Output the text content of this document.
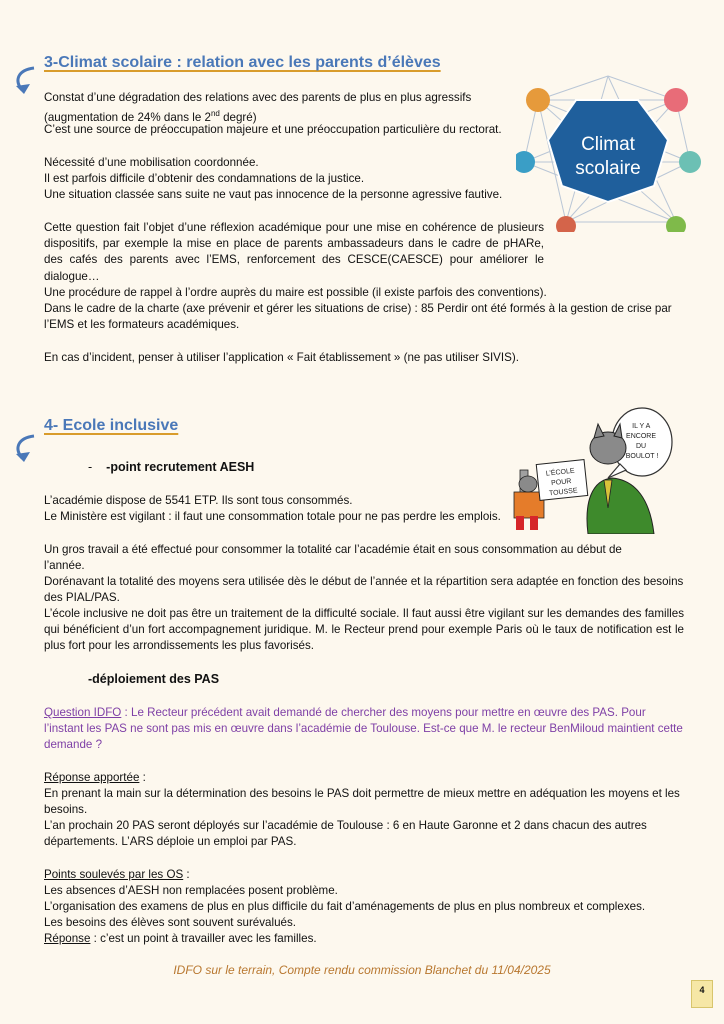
3-Climat scolaire : relation avec les parents d’élèves
Climat
scolaire

Constat d’une dégradation des relations avec des parents de plus en plus agressifs (augmentation de 24% dans le 2nd degré)

C’est une source de préoccupation majeure et une préoccupation particulière du rectorat.

Nécessité d’une mobilisation coordonnée.

Il est parfois difficile d’obtenir des condamnations de la justice.

Une situation classée sans suite ne vaut pas innocence de la personne agressive fautive.

Cette question fait l’objet d’une réflexion académique pour une mise en cohérence de plusieurs dispositifs, par exemple la mise en place de parents ambassadeurs dans le cadre de pHARe, des cafés des parents avec l’EMS, renforcement des CESCE(CAESCE) pour améliorer le dialogue…

Une procédure de rappel à l’ordre auprès du maire est possible (il existe parfois des conventions).

Dans le cadre de la charte (axe prévenir et gérer les situations de crise) : 85 Perdir ont été formés à la gestion de crise par l’EMS et les formateurs académiques.

En cas d’incident, penser à utiliser l’application « Fait établissement » (ne pas utiliser SIVIS).

4- Ecole inclusive
- -point recrutement AESH
IL Y A ENCORE DU BOULOT !
L’ÉCOLE POUR TOUSSE

L’académie dispose de 5541 ETP. Ils sont tous consommés.

Le Ministère est vigilant : il faut une consommation totale pour ne pas perdre les emplois.

Un gros travail a été effectué pour consommer la totalité car l’académie était en sous consommation au début de l’année.

Dorénavant la totalité des moyens sera utilisée dès le début de l’année et la répartition sera adaptée en fonction des besoins des PIAL/PAS.

L’école inclusive ne doit pas être un traitement de la difficulté sociale. Il faut aussi être vigilant sur les demandes des familles qui bénéficient d’un fort accompagnement juridique. M. le Recteur prend pour exemple Paris où le taux de notification est le plus fort pour les arrondissements les plus favorisés.

-déploiement des PAS

Question IDFO : Le Recteur précédent avait demandé de chercher des moyens pour mettre en œuvre des PAS. Pour l’instant les PAS ne sont pas mis en œuvre dans l’académie de Toulouse. Est-ce que M. le recteur BenMiloud maintient cette demande ?

Réponse apportée :

En prenant la main sur la détermination des besoins le PAS doit permettre de mieux mettre en adéquation les moyens et les besoins.

L’an prochain 20 PAS seront déployés sur l’académie de Toulouse : 6 en Haute Garonne et 2 dans chacun des autres départements. L’ARS déploie un emploi par PAS.

Points soulevés par les OS :

Les absences d’AESH non remplacées posent problème.

L’organisation des examens de plus en plus difficile du fait d’aménagements de plus en plus nombreux et complexes.

Les besoins des élèves sont souvent surévalués.

Réponse : c’est un point à travailler avec les familles.

IDFO sur le terrain, Compte rendu commission Blanchet du 11/04/2025
4
